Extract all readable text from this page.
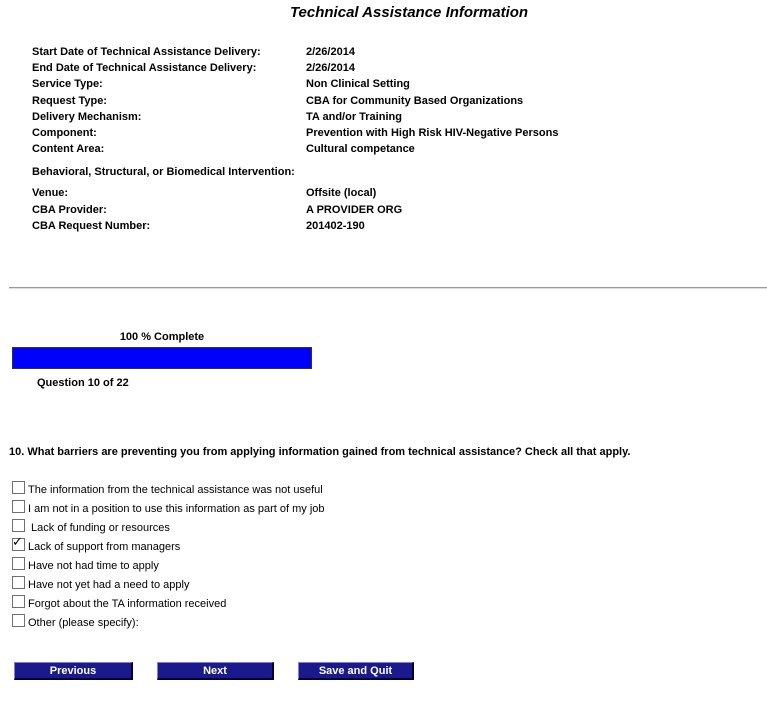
Technical Assistance Information
Start Date of Technical Assistance Delivery:	2/26/2014
End Date of Technical Assistance Delivery:	2/26/2014
Service Type:	Non Clinical Setting
Request Type:	CBA for Community Based Organizations
Delivery Mechanism:	TA and/or Training
Component:	Prevention with High Risk HIV-Negative Persons
Content Area:	Cultural competance
Behavioral, Structural, or Biomedical Intervention:
Venue:	Offsite (local)
CBA Provider:	A PROVIDER ORG
CBA Request Number:	201402-190
100 % Complete
Question 10 of 22
10. What barriers are preventing you from applying information gained from technical assistance? Check all that apply.
The information from the technical assistance was not useful
I am not in a position to use this information as part of my job
Lack of funding or resources
✓ Lack of support from managers
Have not had time to apply
Have not yet had a need to apply
Forgot about the TA information received
Other (please specify):
Previous	Next	Save and Quit
